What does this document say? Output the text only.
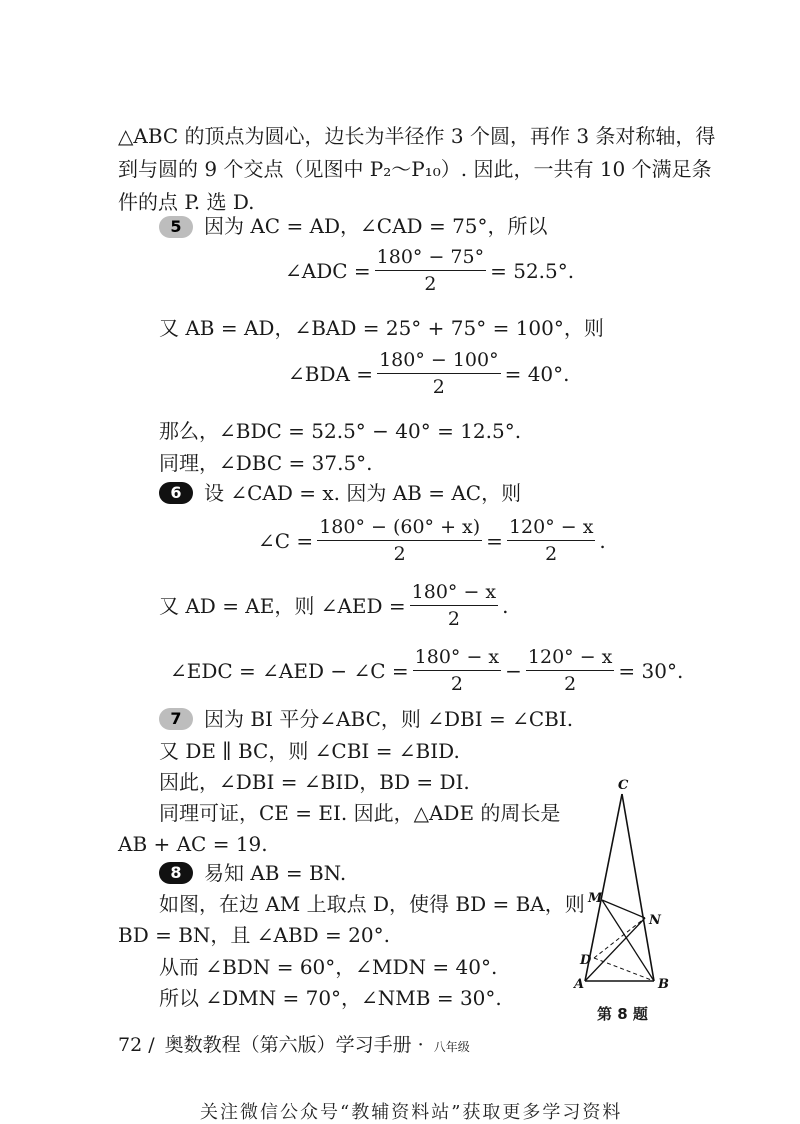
△ABC 的顶点为圆心，边长为半径作 3 个圆，再作 3 条对称轴，得
到与圆的 9 个交点（见图中 P₂～P₁₀）. 因此，一共有 10 个满足条
件的点 P. 选 D.
5	因为 AC = AD，∠CAD = 75°，所以
∠ADC = $\frac{180^\circ - 75^\circ}{2} = 52.5^\circ$.
又 AB = AD，∠BAD = 25° + 75° = 100°，则
∠BDA = $\frac{180^\circ - 100^\circ}{2} = 40^\circ$.
那么，∠BDC = 52.5° − 40° = 12.5°.
同理，∠DBC = 37.5°.
6	设 ∠CAD = x. 因为 AB = AC，则
∠C = $\frac{180^\circ - (60^\circ + x)}{2} = \frac{120^\circ - x}{2}$ .
又 AD = AE，则 ∠AED = $\frac{180^\circ - x}{2}$ .
∠EDC = ∠AED − ∠C = $\frac{180^\circ - x}{2} - \frac{120^\circ - x}{2} = 30^\circ$.
7	因为 BI 平分∠ABC，则 ∠DBI = ∠CBI.
又 DE ∥ BC，则 ∠CBI = ∠BID.
因此，∠DBI = ∠BID，BD = DI.
同理可证，CE = EI. 因此，△ADE 的周长是
AB + AC = 19.
8	易知 AB = BN.
如图，在边 AM 上取点 D，使得 BD = BA，则
BD = BN，且 ∠ABD = 20°.
从而 ∠BDN = 60°，∠MDN = 40°.
所以 ∠DMN = 70°，∠NMB = 30°.
C
M
N
D
A	B
第 8 题
72 / 奥数教程（第六版）学习手册 · 八年级
关注微信公众号“教辅资料站”获取更多学习资料
